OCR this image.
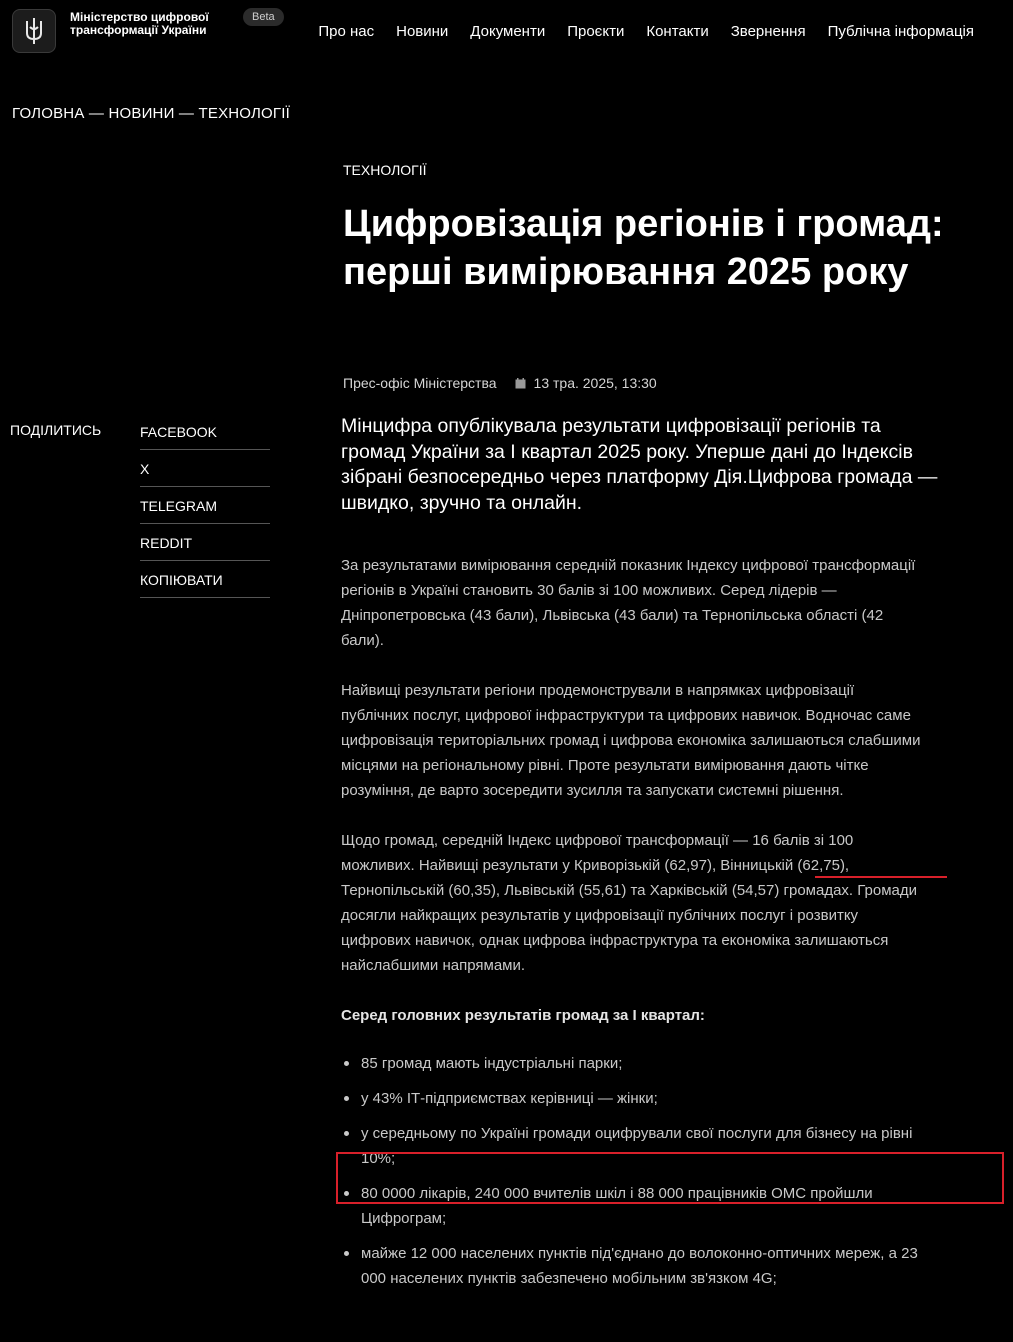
Міністерство цифрової трансформації України
Beta
Про нас Новини Документи Проєкти Контакти Звернення Публічна інформація
ГОЛОВНА — НОВИНИ — ТЕХНОЛОГІЇ
ТЕХНОЛОГІЇ
Цифровізація регіонів і громад: перші вимірювання 2025 року
Прес-офіс Міністерства	13 тра. 2025, 13:30
ПОДІЛИТИСЬ	FACEBOOK
X
TELEGRAM
REDDIT
КОПІЮВАТИ

Мінцифра опублікувала результати цифровізації регіонів та громад України за І квартал 2025 року. Уперше дані до Індексів зібрані безпосередньо через платформу Дія.Цифрова громада — швидко, зручно та онлайн.

За результатами вимірювання середній показник Індексу цифрової трансформації регіонів в Україні становить 30 балів зі 100 можливих. Серед лідерів — Дніпропетровська (43 бали), Львівська (43 бали) та Тернопільська області (42 бали).

Найвищі результати регіони продемонстрували в напрямках цифровізації публічних послуг, цифрової інфраструктури та цифрових навичок. Водночас саме цифровізація територіальних громад і цифрова економіка залишаються слабшими місцями на регіональному рівні. Проте результати вимірювання дають чітке розуміння, де варто зосередити зусилля та запускати системні рішення.

Щодо громад, середній Індекс цифрової трансформації — 16 балів зі 100 можливих. Найвищі результати у Криворізькій (62,97), Вінницькій (62,75), Тернопільській (60,35), Львівській (55,61) та Харківській (54,57) громадах. Громади досягли найкращих результатів у цифровізації публічних послуг і розвитку цифрових навичок, однак цифрова інфраструктура та економіка залишаються найслабшими напрямами.

Серед головних результатів громад за І квартал:

85 громад мають індустріальні парки;
у 43% ІТ-підприємствах керівниці — жінки;
у середньому по Україні громади оцифрували свої послуги для бізнесу на рівні 10%;
80 0000 лікарів, 240 000 вчителів шкіл і 88 000 працівників ОМС пройшли Цифрограм;
майже 12 000 населених пунктів під'єднано до волоконно-оптичних мереж, а 23 000 населених пунктів забезпечено мобільним зв'язком 4G;
